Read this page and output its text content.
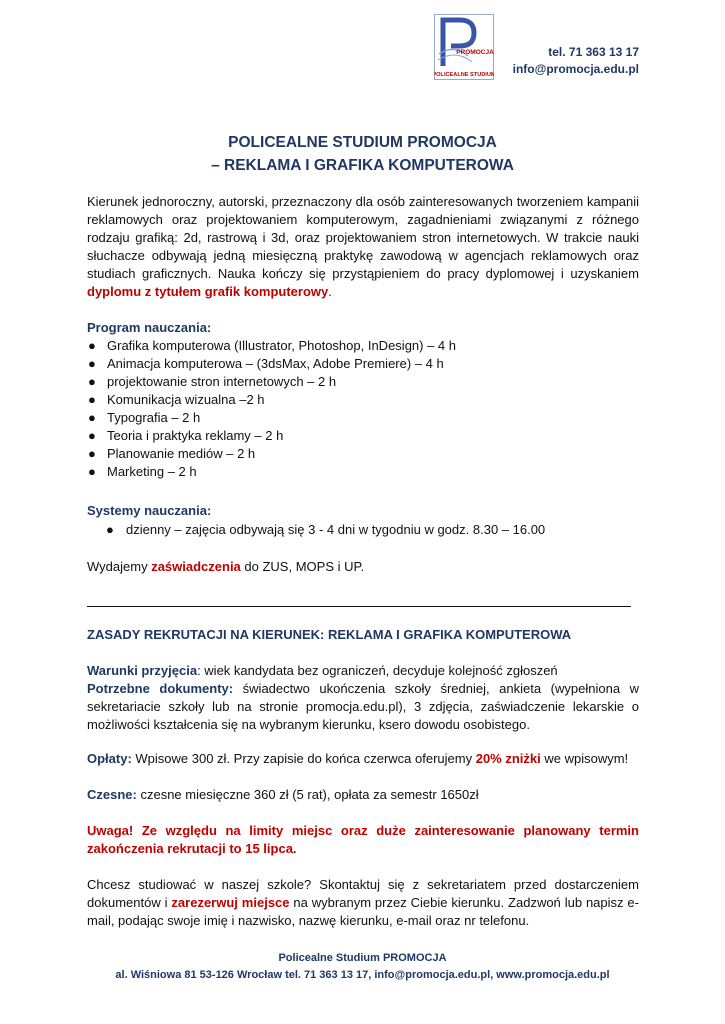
PROMOCJA
POLICEALNE STUDIUM
tel. 71 363 13 17
info@promocja.edu.pl
POLICEALNE STUDIUM PROMOCJA
– REKLAMA I GRAFIKA KOMPUTEROWA
Kierunek jednoroczny, autorski, przeznaczony dla osób zainteresowanych tworzeniem kampanii reklamowych oraz projektowaniem komputerowym, zagadnieniami związanymi z różnego rodzaju grafiką: 2d, rastrową i 3d, oraz projektowaniem stron internetowych. W trakcie nauki słuchacze odbywają jedną miesięczną praktykę zawodową w agencjach reklamowych oraz studiach graficznych. Nauka kończy się przystąpieniem do pracy dyplomowej i uzyskaniem dyplomu z tytułem grafik komputerowy.
Program nauczania:
● Grafika komputerowa (Illustrator, Photoshop, InDesign) – 4 h
● Animacja komputerowa – (3dsMax, Adobe Premiere) – 4 h
● projektowanie stron internetowych – 2 h
● Komunikacja wizualna –2 h
● Typografia – 2 h
● Teoria i praktyka reklamy – 2 h
● Planowanie mediów – 2 h
● Marketing – 2 h
Systemy nauczania:
● dzienny – zajęcia odbywają się 3 - 4 dni w tygodniu w godz. 8.30 – 16.00
Wydajemy zaświadczenia do ZUS, MOPS i UP.
ZASADY REKRUTACJI NA KIERUNEK: REKLAMA I GRAFIKA KOMPUTEROWA
Warunki przyjęcia: wiek kandydata bez ograniczeń, decyduje kolejność zgłoszeń
Potrzebne dokumenty: świadectwo ukończenia szkoły średniej, ankieta (wypełniona w sekretariacie szkoły lub na stronie promocja.edu.pl), 3 zdjęcia, zaświadczenie lekarskie o możliwości kształcenia się na wybranym kierunku, ksero dowodu osobistego.
Opłaty: Wpisowe 300 zł. Przy zapisie do końca czerwca oferujemy 20% zniżki we wpisowym!
Czesne: czesne miesięczne 360 zł (5 rat), opłata za semestr 1650zł
Uwaga! Ze względu na limity miejsc oraz duże zainteresowanie planowany termin zakończenia rekrutacji to 15 lipca.
Chcesz studiować w naszej szkole? Skontaktuj się z sekretariatem przed dostarczeniem dokumentów i zarezerwuj miejsce na wybranym przez Ciebie kierunku. Zadzwoń lub napisz e-mail, podając swoje imię i nazwisko, nazwę kierunku, e-mail oraz nr telefonu.
Policealne Studium PROMOCJA
al. Wiśniowa 81 53-126 Wrocław tel. 71 363 13 17, info@promocja.edu.pl, www.promocja.edu.pl
